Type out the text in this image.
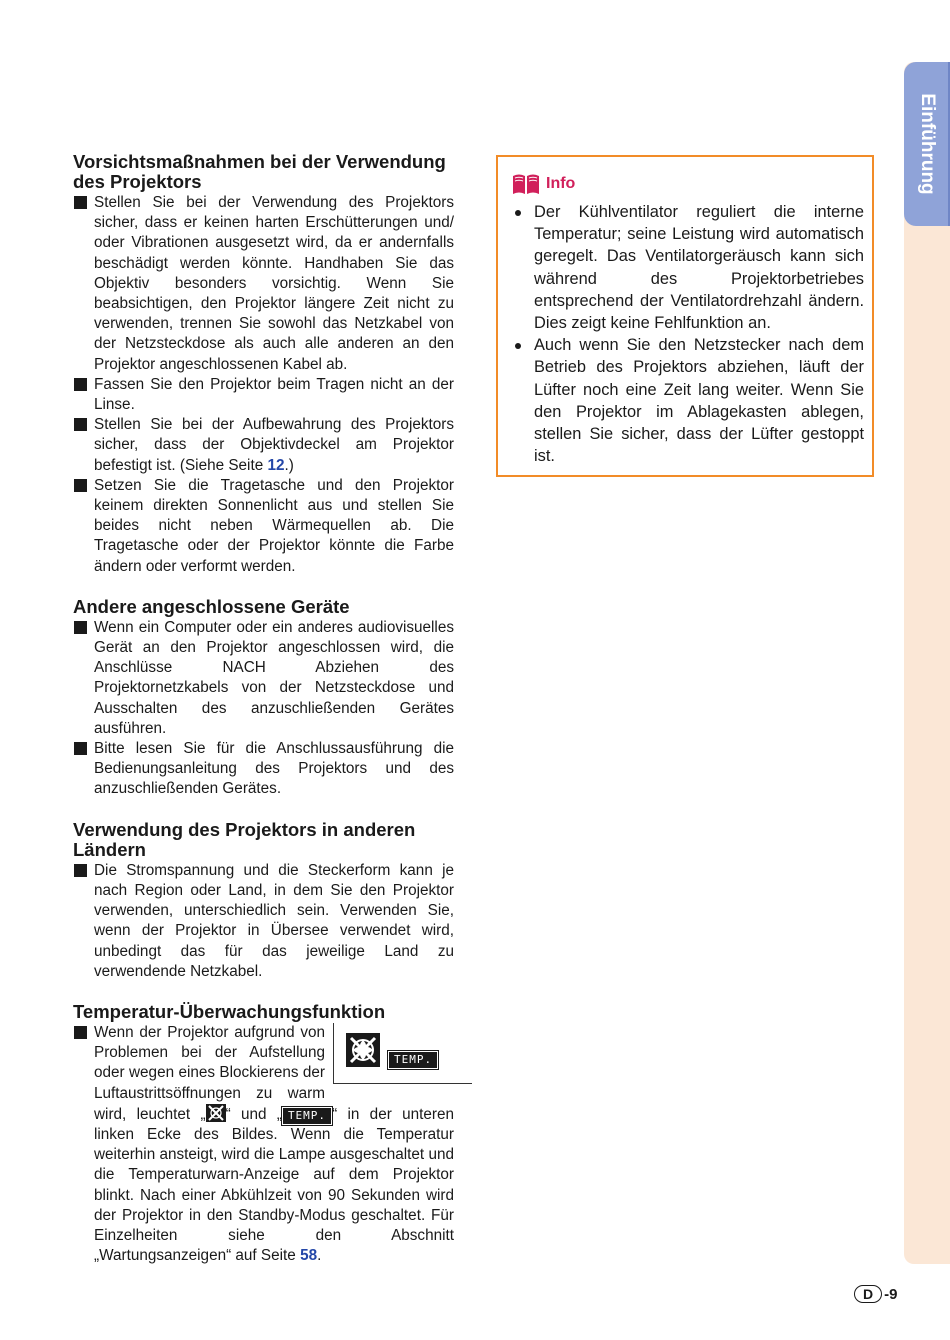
Einführung
Vorsichtsmaßnahmen bei der Verwendung des Projektors
Stellen Sie bei der Verwendung des Projektors sicher, dass er keinen harten Erschütterungen und/ oder Vibrationen ausgesetzt wird, da er andernfalls beschädigt werden könnte. Handhaben Sie das Objektiv besonders vorsichtig. Wenn Sie beabsichtigen, den Projektor längere Zeit nicht zu verwenden, trennen Sie sowohl das Netzkabel von der Netzsteckdose als auch alle anderen an den Projektor angeschlossenen Kabel ab.
Fassen Sie den Projektor beim Tragen nicht an der Linse.
Stellen Sie bei der Aufbewahrung des Projektors sicher, dass der Objektivdeckel am Projektor befestigt ist. (Siehe Seite 12.)
Setzen Sie die Tragetasche und den Projektor keinem direkten Sonnenlicht aus und stellen Sie beides nicht neben Wärmequellen ab. Die Tragetasche oder der Projektor könnte die Farbe ändern oder verformt werden.
Andere angeschlossene Geräte
Wenn ein Computer oder ein anderes audiovisuelles Gerät an den Projektor angeschlossen wird, die Anschlüsse NACH Abziehen des Projektornetzkabels von der Netzsteckdose und Ausschalten des anzuschließenden Gerätes ausführen.
Bitte lesen Sie für die Anschlussausführung die Bedienungsanleitung des Projektors und des anzuschließenden Gerätes.
Verwendung des Projektors in anderen Ländern
Die Stromspannung und die Steckerform kann je nach Region oder Land, in dem Sie den Projektor verwenden, unterschiedlich sein. Verwenden Sie, wenn der Projektor in Übersee verwendet wird, unbedingt das für das jeweilige Land zu verwendende Netzkabel.
Temperatur-Überwachungsfunktion
TEMP.
Wenn der Projektor aufgrund von Problemen bei der Aufstellung oder wegen eines Blockierens der Luftaustrittsöffnungen zu warm wird, leuchtet „ “ und „ TEMP. “ in der unteren linken Ecke des Bildes. Wenn die Temperatur weiterhin ansteigt, wird die Lampe ausgeschaltet und die Temperaturwarn-Anzeige auf dem Projektor blinkt. Nach einer Abkühlzeit von 90 Sekunden wird der Projektor in den Standby-Modus geschaltet. Für Einzelheiten siehe den Abschnitt „Wartungsanzeigen“ auf Seite 58.
Info
Der Kühlventilator reguliert die interne Temperatur; seine Leistung wird automatisch geregelt. Das Ventilatorgeräusch kann sich während des Projektorbetriebes entsprechend der Ventilatordrehzahl ändern. Dies zeigt keine Fehlfunktion an.
Auch wenn Sie den Netzstecker nach dem Betrieb des Projektors abziehen, läuft der Lüfter noch eine Zeit lang weiter. Wenn Sie den Projektor im Ablagekasten ablegen, stellen Sie sicher, dass der Lüfter gestoppt ist.
D -9
